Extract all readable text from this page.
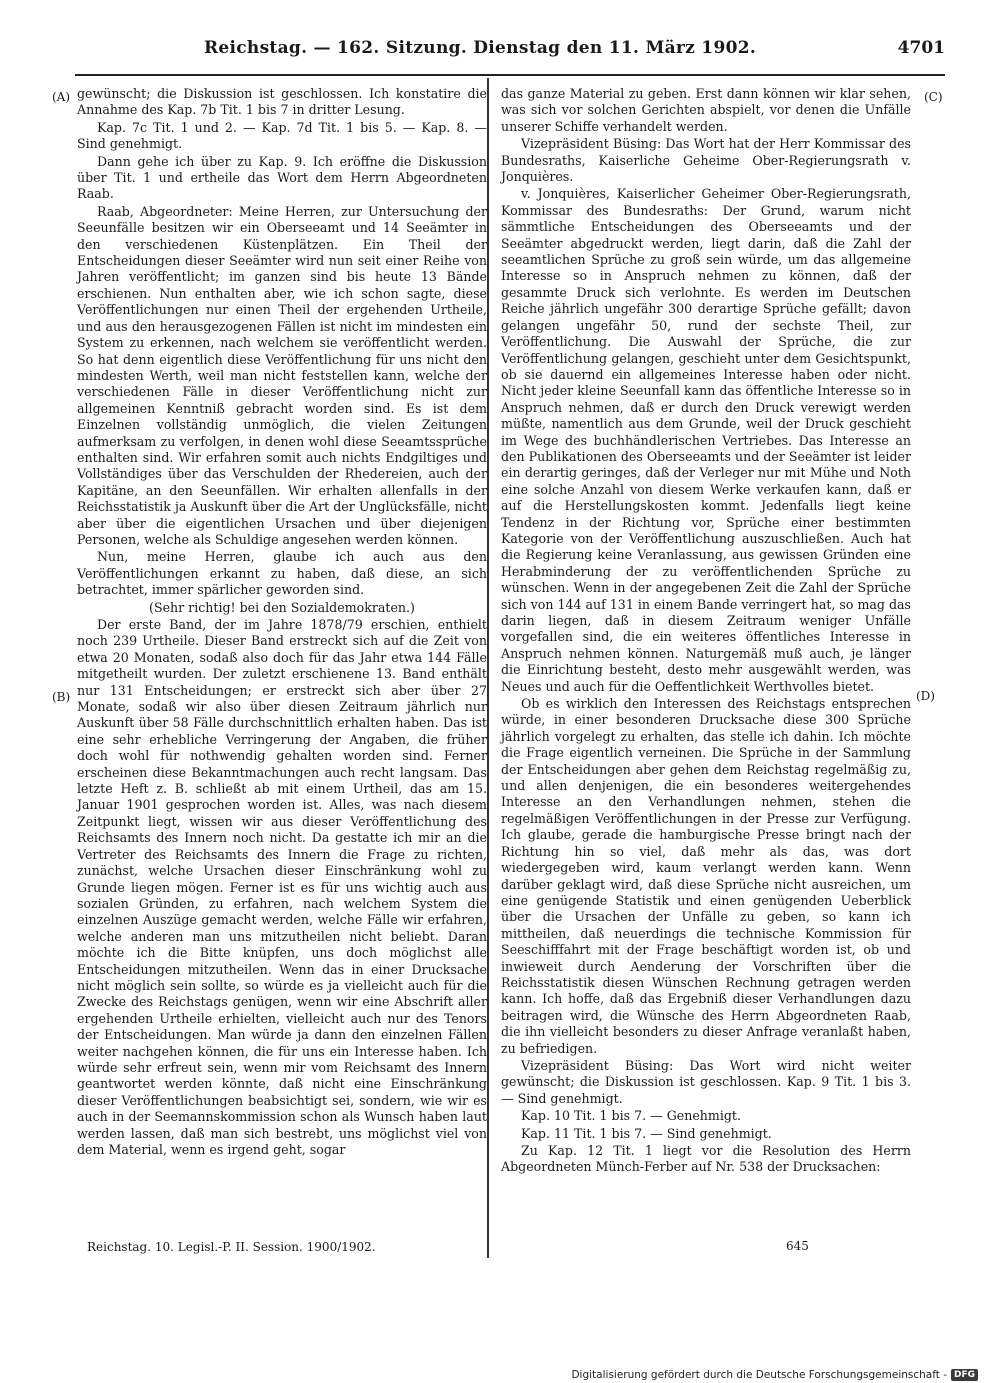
Reichstag. — 162. Sitzung. Dienstag den 11. März 1902.	4701
(A)
(B)
(C)
(D)

gewünscht; die Diskussion ist geschlossen. Ich konstatire die Annahme des Kap. 7b Tit. 1 bis 7 in dritter Lesung.

Kap. 7c Tit. 1 und 2. — Kap. 7d Tit. 1 bis 5. — Kap. 8. — Sind genehmigt.

Dann gehe ich über zu Kap. 9. Ich eröffne die Diskussion über Tit. 1 und ertheile das Wort dem Herrn Abgeordneten Raab.

Raab, Abgeordneter: Meine Herren, zur Untersuchung der Seeunfälle besitzen wir ein Oberseeamt und 14 Seeämter in den verschiedenen Küstenplätzen. Ein Theil der Entscheidungen dieser Seeämter wird nun seit einer Reihe von Jahren veröffentlicht; im ganzen sind bis heute 13 Bände erschienen. Nun enthalten aber, wie ich schon sagte, diese Veröffentlichungen nur einen Theil der ergehenden Urtheile, und aus den herausgezogenen Fällen ist nicht im mindesten ein System zu erkennen, nach welchem sie veröffentlicht werden. So hat denn eigentlich diese Veröffentlichung für uns nicht den mindesten Werth, weil man nicht feststellen kann, welche der verschiedenen Fälle in dieser Veröffentlichung nicht zur allgemeinen Kenntniß gebracht worden sind. Es ist dem Einzelnen vollständig unmöglich, die vielen Zeitungen aufmerksam zu verfolgen, in denen wohl diese Seeamtssprüche enthalten sind. Wir erfahren somit auch nichts Endgiltiges und Vollständiges über das Verschulden der Rhedereien, auch der Kapitäne, an den Seeunfällen. Wir erhalten allenfalls in der Reichsstatistik ja Auskunft über die Art der Unglücksfälle, nicht aber über die eigentlichen Ursachen und über diejenigen Personen, welche als Schuldige angesehen werden können.

Nun, meine Herren, glaube ich auch aus den Veröffentlichungen erkannt zu haben, daß diese, an sich betrachtet, immer spärlicher geworden sind.

(Sehr richtig! bei den Sozialdemokraten.)

Der erste Band, der im Jahre 1878/79 erschien, enthielt noch 239 Urtheile. Dieser Band erstreckt sich auf die Zeit von etwa 20 Monaten, sodaß also doch für das Jahr etwa 144 Fälle mitgetheilt wurden. Der zuletzt erschienene 13. Band enthält nur 131 Entscheidungen; er erstreckt sich aber über 27 Monate, sodaß wir also über diesen Zeitraum jährlich nur Auskunft über 58 Fälle durchschnittlich erhalten haben. Das ist eine sehr erhebliche Verringerung der Angaben, die früher doch wohl für nothwendig gehalten worden sind. Ferner erscheinen diese Bekanntmachungen auch recht langsam. Das letzte Heft z. B. schließt ab mit einem Urtheil, das am 15. Januar 1901 gesprochen worden ist. Alles, was nach diesem Zeitpunkt liegt, wissen wir aus dieser Veröffentlichung des Reichsamts des Innern noch nicht. Da gestatte ich mir an die Vertreter des Reichsamts des Innern die Frage zu richten, zunächst, welche Ursachen dieser Einschränkung wohl zu Grunde liegen mögen. Ferner ist es für uns wichtig auch aus sozialen Gründen, zu erfahren, nach welchem System die einzelnen Auszüge gemacht werden, welche Fälle wir erfahren, welche anderen man uns mitzutheilen nicht beliebt. Daran möchte ich die Bitte knüpfen, uns doch möglichst alle Entscheidungen mitzutheilen. Wenn das in einer Drucksache nicht möglich sein sollte, so würde es ja vielleicht auch für die Zwecke des Reichstags genügen, wenn wir eine Abschrift aller ergehenden Urtheile erhielten, vielleicht auch nur des Tenors der Entscheidungen. Man würde ja dann den einzelnen Fällen weiter nachgehen können, die für uns ein Interesse haben. Ich würde sehr erfreut sein, wenn mir vom Reichsamt des Innern geantwortet werden könnte, daß nicht eine Einschränkung dieser Veröffentlichungen beabsichtigt sei, sondern, wie wir es auch in der Seemannskommission schon als Wunsch haben laut werden lassen, daß man sich bestrebt, uns möglichst viel von dem Material, wenn es irgend geht, sogar

das ganze Material zu geben. Erst dann können wir klar sehen, was sich vor solchen Gerichten abspielt, vor denen die Unfälle unserer Schiffe verhandelt werden.

Vizepräsident Büsing: Das Wort hat der Herr Kommissar des Bundesraths, Kaiserliche Geheime Ober-Regierungsrath v. Jonquières.

v. Jonquières, Kaiserlicher Geheimer Ober-Regierungsrath, Kommissar des Bundesraths: Der Grund, warum nicht sämmtliche Entscheidungen des Oberseeamts und der Seeämter abgedruckt werden, liegt darin, daß die Zahl der seeamtlichen Sprüche zu groß sein würde, um das allgemeine Interesse so in Anspruch nehmen zu können, daß der gesammte Druck sich verlohnte. Es werden im Deutschen Reiche jährlich ungefähr 300 derartige Sprüche gefällt; davon gelangen ungefähr 50, rund der sechste Theil, zur Veröffentlichung. Die Auswahl der Sprüche, die zur Veröffentlichung gelangen, geschieht unter dem Gesichtspunkt, ob sie dauernd ein allgemeines Interesse haben oder nicht. Nicht jeder kleine Seeunfall kann das öffentliche Interesse so in Anspruch nehmen, daß er durch den Druck verewigt werden müßte, namentlich aus dem Grunde, weil der Druck geschieht im Wege des buchhändlerischen Vertriebes. Das Interesse an den Publikationen des Oberseeamts und der Seeämter ist leider ein derartig geringes, daß der Verleger nur mit Mühe und Noth eine solche Anzahl von diesem Werke verkaufen kann, daß er auf die Herstellungskosten kommt. Jedenfalls liegt keine Tendenz in der Richtung vor, Sprüche einer bestimmten Kategorie von der Veröffentlichung auszuschließen. Auch hat die Regierung keine Veranlassung, aus gewissen Gründen eine Herabminderung der zu veröffentlichenden Sprüche zu wünschen. Wenn in der angegebenen Zeit die Zahl der Sprüche sich von 144 auf 131 in einem Bande verringert hat, so mag das darin liegen, daß in diesem Zeitraum weniger Unfälle vorgefallen sind, die ein weiteres öffentliches Interesse in Anspruch nehmen können. Naturgemäß muß auch, je länger die Einrichtung besteht, desto mehr ausgewählt werden, was Neues und auch für die Oeffentlichkeit Werthvolles bietet.

Ob es wirklich den Interessen des Reichstags entsprechen würde, in einer besonderen Drucksache diese 300 Sprüche jährlich vorgelegt zu erhalten, das stelle ich dahin. Ich möchte die Frage eigentlich verneinen. Die Sprüche in der Sammlung der Entscheidungen aber gehen dem Reichstag regelmäßig zu, und allen denjenigen, die ein besonderes weitergehendes Interesse an den Verhandlungen nehmen, stehen die regelmäßigen Veröffentlichungen in der Presse zur Verfügung. Ich glaube, gerade die hamburgische Presse bringt nach der Richtung hin so viel, daß mehr als das, was dort wiedergegeben wird, kaum verlangt werden kann. Wenn darüber geklagt wird, daß diese Sprüche nicht ausreichen, um eine genügende Statistik und einen genügenden Ueberblick über die Ursachen der Unfälle zu geben, so kann ich mittheilen, daß neuerdings die technische Kommission für Seeschifffahrt mit der Frage beschäftigt worden ist, ob und inwieweit durch Aenderung der Vorschriften über die Reichsstatistik diesen Wünschen Rechnung getragen werden kann. Ich hoffe, daß das Ergebniß dieser Verhandlungen dazu beitragen wird, die Wünsche des Herrn Abgeordneten Raab, die ihn vielleicht besonders zu dieser Anfrage veranlaßt haben, zu befriedigen.

Vizepräsident Büsing: Das Wort wird nicht weiter gewünscht; die Diskussion ist geschlossen. Kap. 9 Tit. 1 bis 3. — Sind genehmigt.

Kap. 10 Tit. 1 bis 7. — Genehmigt.

Kap. 11 Tit. 1 bis 7. — Sind genehmigt.

Zu Kap. 12 Tit. 1 liegt vor die Resolution des Herrn Abgeordneten Münch-Ferber auf Nr. 538 der Drucksachen:

Reichstag. 10. Legisl.-P. II. Session. 1900/1902.	645
Digitalisierung gefördert durch die Deutsche Forschungsgemeinschaft - DFG
